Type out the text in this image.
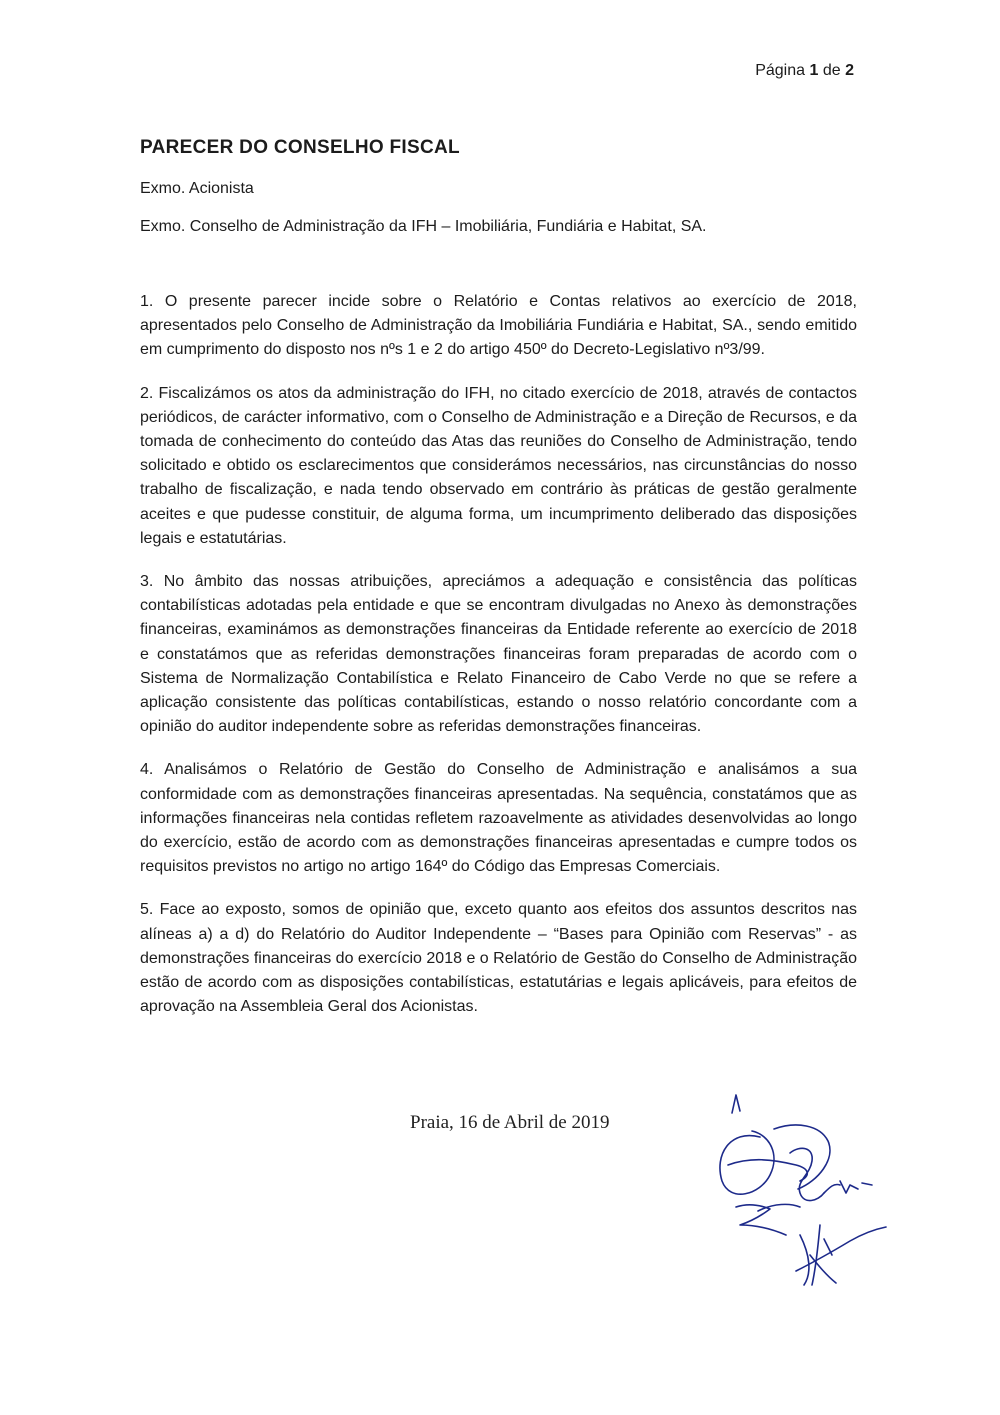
Página 1 de 2
PARECER DO CONSELHO FISCAL

Exmo. Acionista

Exmo. Conselho de Administração da IFH – Imobiliária, Fundiária e Habitat, SA.

1. O presente parecer incide sobre o Relatório e Contas relativos ao exercício de 2018, apresentados pelo Conselho de Administração da Imobiliária Fundiária e Habitat, SA., sendo emitido em cumprimento do disposto nos nºs 1 e 2 do artigo 450º do Decreto-Legislativo nº3/99.

2. Fiscalizámos os atos da administração do IFH, no citado exercício de 2018, através de contactos periódicos, de carácter informativo, com o Conselho de Administração e a Direção de Recursos, e da tomada de conhecimento do conteúdo das Atas das reuniões do Conselho de Administração, tendo solicitado e obtido os esclarecimentos que considerámos necessários, nas circunstâncias do nosso trabalho de fiscalização, e nada tendo observado em contrário às práticas de gestão geralmente aceites e que pudesse constituir, de alguma forma, um incumprimento deliberado das disposições legais e estatutárias.

3. No âmbito das nossas atribuições, apreciámos a adequação e consistência das políticas contabilísticas adotadas pela entidade e que se encontram divulgadas no Anexo às demonstrações financeiras, examinámos as demonstrações financeiras da Entidade referente ao exercício de 2018 e constatámos que as referidas demonstrações financeiras foram preparadas de acordo com o Sistema de Normalização Contabilística e Relato Financeiro de Cabo Verde no que se refere a aplicação consistente das políticas contabilísticas, estando o nosso relatório concordante com a opinião do auditor independente sobre as referidas demonstrações financeiras.

4. Analisámos o Relatório de Gestão do Conselho de Administração e analisámos a sua conformidade com as demonstrações financeiras apresentadas. Na sequência, constatámos que as informações financeiras nela contidas refletem razoavelmente as atividades desenvolvidas ao longo do exercício, estão de acordo com as demonstrações financeiras apresentadas e cumpre todos os requisitos previstos no artigo no artigo 164º do Código das Empresas Comerciais.

5. Face ao exposto, somos de opinião que, exceto quanto aos efeitos dos assuntos descritos nas alíneas a) a d) do Relatório do Auditor Independente – “Bases para Opinião com Reservas” - as demonstrações financeiras do exercício 2018 e o Relatório de Gestão do Conselho de Administração estão de acordo com as disposições contabilísticas, estatutárias e legais aplicáveis, para efeitos de aprovação na Assembleia Geral dos Acionistas.

Praia, 16 de Abril de 2019
